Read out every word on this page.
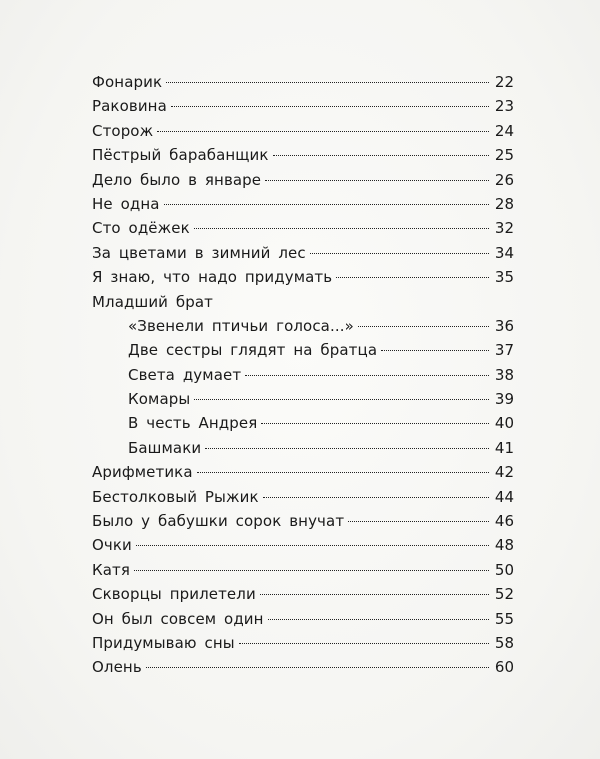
Фонарик	22
Раковина	23
Сторож	24
Пёстрый барабанщик	25
Дело было в январе	26
Не одна	28
Сто одёжек	32
За цветами в зимний лес	34
Я знаю, что надо придумать	35
Младший брат
«Звенели птичьи голоса...»	36
Две сестры глядят на братца	37
Света думает	38
Комары	39
В честь Андрея	40
Башмаки	41
Арифметика	42
Бестолковый Рыжик	44
Было у бабушки сорок внучат	46
Очки	48
Катя	50
Скворцы прилетели	52
Он был совсем один	55
Придумываю сны	58
Олень	60
